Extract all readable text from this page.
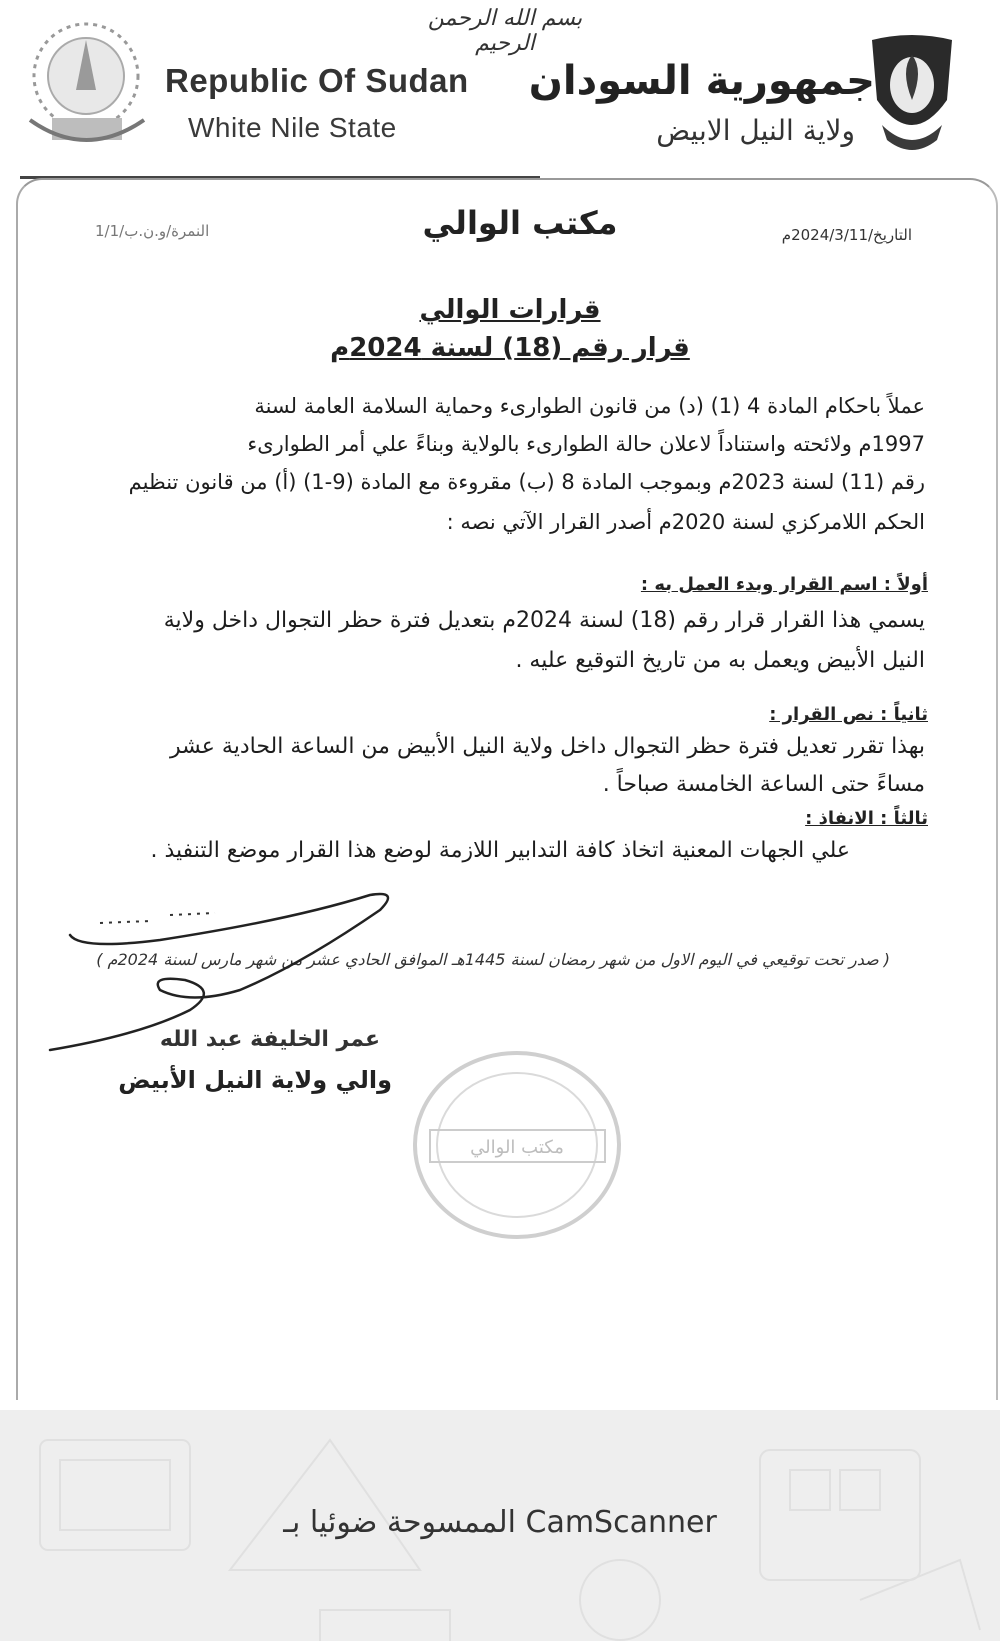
بسم الله الرحمن الرحيم
Republic Of Sudan
White Nile State
جمهورية السودان
ولاية النيل الابيض
مكتب الوالي	التاريخ/2024/3/11م
النمرة/و.ن.ب/1/1
قرارات الوالي
قرار رقم (18) لسنة 2024م
عملاً باحكام المادة 4 (1) (د) من قانون الطوارىء وحماية السلامة العامة لسنة
1997م ولائحته واستناداً لاعلان حالة الطوارىء بالولاية وبناءً علي أمر الطوارىء
رقم (11) لسنة 2023م وبموجب المادة 8 (ب) مقروءة مع المادة (9-1) (أ) من قانون تنظيم
الحكم اللامركزي لسنة 2020م أصدر القرار الآتي نصه :
أولاً : اسم القرار وبدء العمل به :
يسمي هذا القرار قرار رقم (18) لسنة 2024م بتعديل فترة حظر التجوال داخل ولاية
النيل الأبيض ويعمل به من تاريخ التوقيع عليه .
ثانياً : نص القرار :
بهذا تقرر تعديل فترة حظر التجوال داخل ولاية النيل الأبيض من الساعة الحادية عشر
مساءً حتى الساعة الخامسة صباحاً .
ثالثاً : الانفاذ :
علي الجهات المعنية اتخاذ كافة التدابير اللازمة لوضع هذا القرار موضع التنفيذ .
( صدر تحت توقيعي في اليوم الاول من شهر رمضان لسنة 1445هـ الموافق الحادي عشر من شهر مارس لسنة 2024م )
عمر الخليفة عبد الله
والي ولاية النيل الأبيض
مكتب الوالي
الممسوحة ضوئيا بـ CamScanner
